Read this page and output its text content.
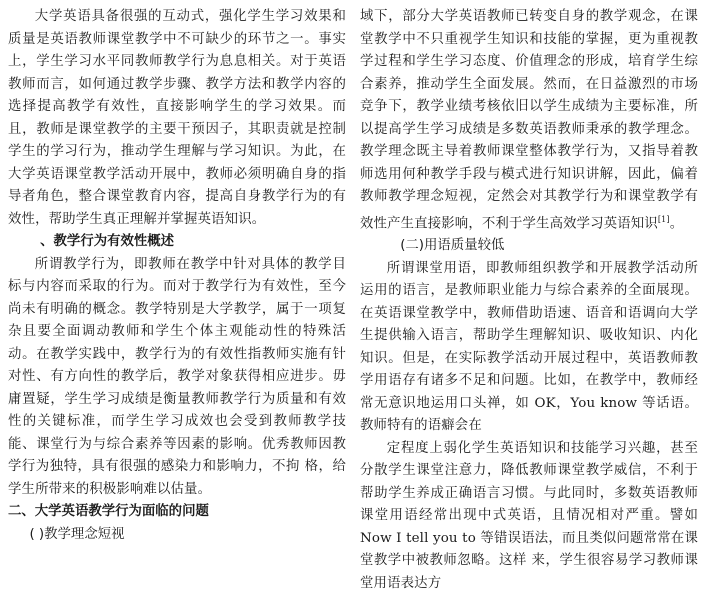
大学英语具备很强的互动式，强化学生学习效果和质量是英语教师课堂教学中不可缺少的环节之一。事实上，学生学习水平同教师教学行为息息相关。对于英语教师而言，如何通过教学步骤、教学方法和教学内容的选择提高教学有效性，直接影响学生的学习效果。而且，教师是课堂教学的主要干预因子，其职责就是控制学生的学习行为，推动学生理解与学习知识。为此，在大学英语课堂教学活动开展中，教师必须明确自身的指导者角色，整合课堂教育内容，提高自身教学行为的有效性，帮助学生真正理解并掌握英语知识。

、教学行为有效性概述

所谓教学行为，即教师在教学中针对具体的教学目标与内容而采取的行为。而对于教学行为有效性，至今尚未有明确的概念。教学特别是大学教学，属于一项复杂且要全面调动教师和学生个体主观能动性的特殊活动。在教学实践中，教学行为的有效性指教师实施有针对性、有方向性的教学后，教学对象获得相应进步。毋庸置疑，学生学习成绩是衡量教师教学行为质量和有效性的关键标准，而学生学习成效也会受到教师教学技能、课堂行为与综合素养等因素的影响。优秀教师因教学行为独特，具有很强的感染力和影响力，不拘 格，给学生所带来的积极影响难以估量。

二、大学英语教学行为面临的问题
( )教学理念短视

域下，部分大学英语教师已转变自身的教学观念，在课堂教学中不只重视学生知识和技能的掌握，更为重视教学过程和学生学习态度、价值理念的形成，培育学生综合素养，推动学生全面发展。然而，在日益激烈的市场竞争下，教学业绩考核依旧以学生成绩为主要标准，所以提高学生学习成绩是多数英语教师秉承的教学理念。教学理念既主导着教师课堂整体教学行为，又指导着教师选用何种教学手段与模式进行知识讲解，因此，偏着教师教学理念短视，定然会对其教学行为和课堂教学有效性产生直接影响，不利于学生高效学习英语知识[1]。

(二)用语质量较低

所谓课堂用语，即教师组织教学和开展教学活动所运用的语言，是教师职业能力与综合素养的全面展现。在英语课堂教学中，教师借助语速、语音和语调向大学生提供输入语言，帮助学生理解知识、吸收知识、内化知识。但是，在实际教学活动开展过程中，英语教师教学用语存有诸多不足和问题。比如，在教学中，教师经常无意识地运用口头禅，如 OK，You know 等话语。教师特有的语癖会在

定程度上弱化学生英语知识和技能学习兴趣，甚至分散学生课堂注意力，降低教师课堂教学威信，不利于帮助学生养成正确语言习惯。与此同时，多数英语教师课堂用语经常出现中式英语，且情况相对严重。譬如 Now I tell you to 等错误语法，而且类似问题常常在课堂教学中被教师忽略。这样 来，学生很容易学习教师课堂用语表达方
